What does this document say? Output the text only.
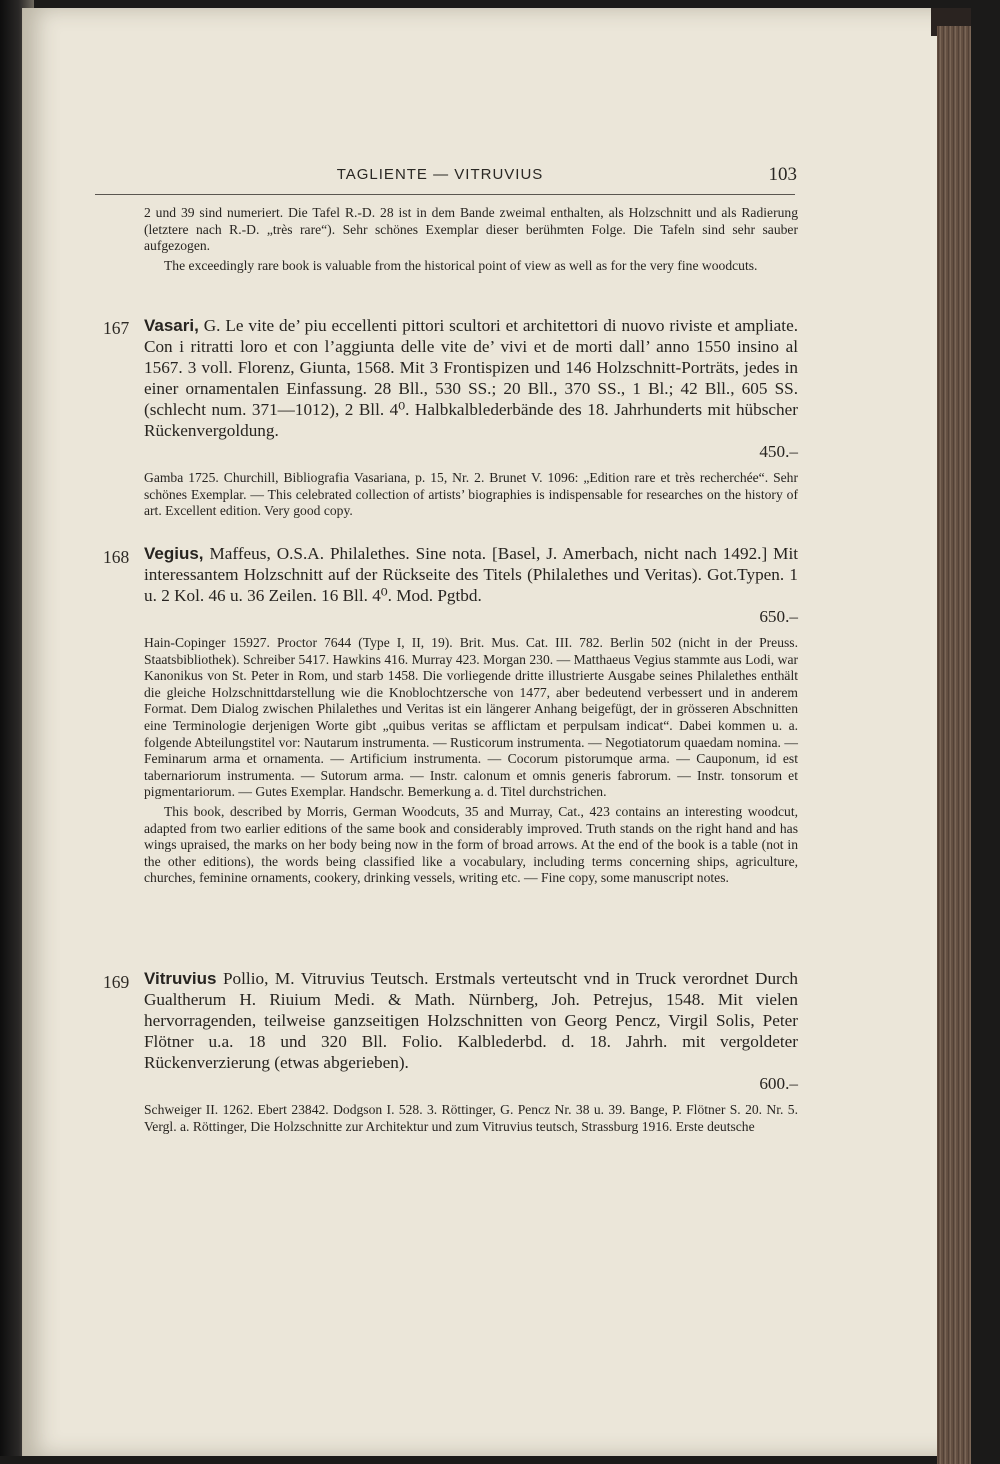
TAGLIENTE — VITRUVIUS	103

2 und 39 sind numeriert. Die Tafel R.-D. 28 ist in dem Bande zweimal enthalten, als Holzschnitt und als Radierung (letztere nach R.-D. „très rare“). Sehr schönes Exemplar dieser berühmten Folge. Die Tafeln sind sehr sauber aufgezogen.

The exceedingly rare book is valuable from the historical point of view as well as for the very fine woodcuts.

167 Vasari, G. Le vite de’ piu eccellenti pittori scultori et architettori di nuovo riviste et ampliate. Con i ritratti loro et con l’aggiunta delle vite de’ vivi et de morti dall’ anno 1550 insino al 1567. 3 voll. Florenz, Giunta, 1568. Mit 3 Frontispizen und 146 Holzschnitt-Porträts, jedes in einer ornamentalen Einfassung. 28 Bll., 530 SS.; 20 Bll., 370 SS., 1 Bl.; 42 Bll., 605 SS. (schlecht num. 371—1012), 2 Bll. 4⁰. Halbkalblederbände des 18. Jahrhunderts mit hübscher Rückenvergoldung.
450.–

Gamba 1725. Churchill, Bibliografia Vasariana, p. 15, Nr. 2. Brunet V. 1096: „Edition rare et très recherchée“. Sehr schönes Exemplar. — This celebrated collection of artists’ biographies is indispensable for researches on the history of art. Excellent edition. Very good copy.

168 Vegius, Maffeus, O.S.A. Philalethes. Sine nota. [Basel, J. Amerbach, nicht nach 1492.] Mit interessantem Holzschnitt auf der Rückseite des Titels (Philalethes und Veritas). Got.Typen. 1 u. 2 Kol. 46 u. 36 Zeilen. 16 Bll. 4⁰. Mod. Pgtbd.
650.–

Hain-Copinger 15927. Proctor 7644 (Type I, II, 19). Brit. Mus. Cat. III. 782. Berlin 502 (nicht in der Preuss. Staatsbibliothek). Schreiber 5417. Hawkins 416. Murray 423. Morgan 230. — Matthaeus Vegius stammte aus Lodi, war Kanonikus von St. Peter in Rom, und starb 1458. Die vorliegende dritte illustrierte Ausgabe seines Philalethes enthält die gleiche Holzschnittdarstellung wie die Knoblochtzersche von 1477, aber bedeutend verbessert und in anderem Format. Dem Dialog zwischen Philalethes und Veritas ist ein längerer Anhang beigefügt, der in grösseren Abschnitten eine Terminologie derjenigen Worte gibt „quibus veritas se afflictam et perpulsam indicat“. Dabei kommen u. a. folgende Abteilungstitel vor: Nautarum instrumenta. — Rusticorum instrumenta. — Negotiatorum quaedam nomina. — Feminarum arma et ornamenta. — Artificium instrumenta. — Cocorum pistorumque arma. — Cauponum, id est tabernariorum instrumenta. — Sutorum arma. — Instr. calonum et omnis generis fabrorum. — Instr. tonsorum et pigmentariorum. — Gutes Exemplar. Handschr. Bemerkung a. d. Titel durchstrichen.

This book, described by Morris, German Woodcuts, 35 and Murray, Cat., 423 contains an interesting woodcut, adapted from two earlier editions of the same book and considerably improved. Truth stands on the right hand and has wings upraised, the marks on her body being now in the form of broad arrows. At the end of the book is a table (not in the other editions), the words being classified like a vocabulary, including terms concerning ships, agriculture, churches, feminine ornaments, cookery, drinking vessels, writing etc. — Fine copy, some manuscript notes.

169 Vitruvius Pollio, M. Vitruvius Teutsch. Erstmals verteutscht vnd in Truck verordnet Durch Gualtherum H. Riuium Medi. & Math. Nürnberg, Joh. Petrejus, 1548. Mit vielen hervorragenden, teilweise ganzseitigen Holzschnitten von Georg Pencz, Virgil Solis, Peter Flötner u.a. 18 und 320 Bll. Folio. Kalblederbd. d. 18. Jahrh. mit vergoldeter Rückenverzierung (etwas abgerieben).
600.–

Schweiger II. 1262. Ebert 23842. Dodgson I. 528. 3. Röttinger, G. Pencz Nr. 38 u. 39. Bange, P. Flötner S. 20. Nr. 5. Vergl. a. Röttinger, Die Holzschnitte zur Architektur und zum Vitruvius teutsch, Strassburg 1916. Erste deutsche
